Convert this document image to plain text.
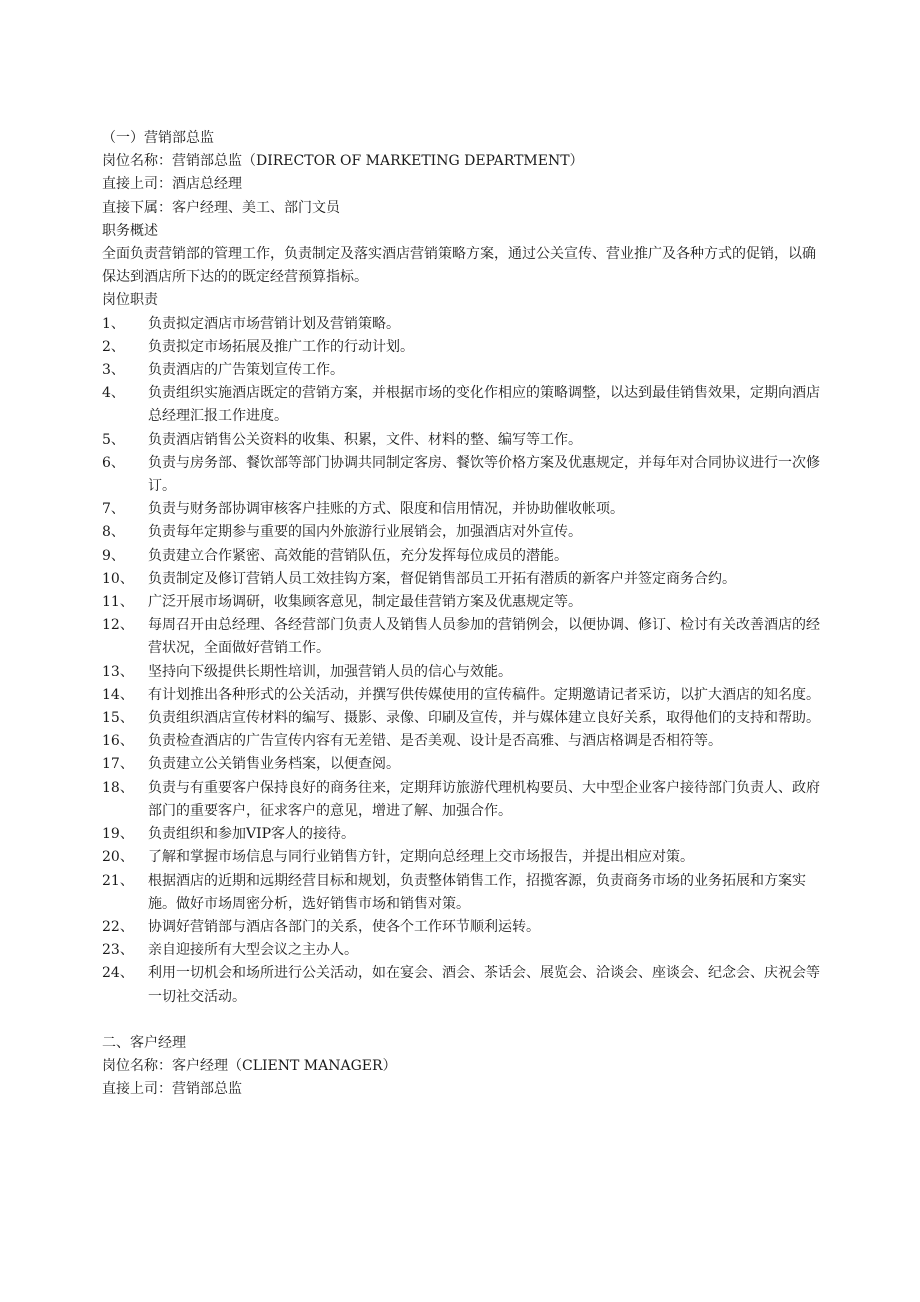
（一）营销部总监

岗位名称：营销部总监（DIRECTOR OF MARKETING DEPARTMENT）

直接上司：酒店总经理

直接下属：客户经理、美工、部门文员

职务概述

全面负责营销部的管理工作，负责制定及落实酒店营销策略方案，通过公关宣传、营业推广及各种方式的促销，以确保达到酒店所下达的的既定经营预算指标。

岗位职责

1、	负责拟定酒店市场营销计划及营销策略。
2、	负责拟定市场拓展及推广工作的行动计划。
3、	负责酒店的广告策划宣传工作。
4、	负责组织实施酒店既定的营销方案，并根据市场的变化作相应的策略调整，以达到最佳销售效果，定期向酒店总经理汇报工作进度。
5、	负责酒店销售公关资料的收集、积累，文件、材料的整、编写等工作。
6、	负责与房务部、餐饮部等部门协调共同制定客房、餐饮等价格方案及优惠规定，并每年对合同协议进行一次修订。
7、	负责与财务部协调审核客户挂账的方式、限度和信用情况，并协助催收帐项。
8、	负责每年定期参与重要的国内外旅游行业展销会，加强酒店对外宣传。
9、	负责建立合作紧密、高效能的营销队伍，充分发挥每位成员的潜能。
10、	负责制定及修订营销人员工效挂钩方案，督促销售部员工开拓有潜质的新客户并签定商务合约。
11、	广泛开展市场调研，收集顾客意见，制定最佳营销方案及优惠规定等。
12、	每周召开由总经理、各经营部门负责人及销售人员参加的营销例会，以便协调、修订、检讨有关改善酒店的经营状况，全面做好营销工作。
13、	坚持向下级提供长期性培训，加强营销人员的信心与效能。
14、	有计划推出各种形式的公关活动，并撰写供传媒使用的宣传稿件。定期邀请记者采访，以扩大酒店的知名度。
15、	负责组织酒店宣传材料的编写、摄影、录像、印刷及宣传，并与媒体建立良好关系，取得他们的支持和帮助。
16、	负责检查酒店的广告宣传内容有无差错、是否美观、设计是否高雅、与酒店格调是否相符等。
17、	负责建立公关销售业务档案，以便查阅。
18、	负责与有重要客户保持良好的商务往来，定期拜访旅游代理机构要员、大中型企业客户接待部门负责人、政府部门的重要客户，征求客户的意见，增进了解、加强合作。
19、	负责组织和参加VIP客人的接待。
20、	了解和掌握市场信息与同行业销售方针，定期向总经理上交市场报告，并提出相应对策。
21、	根据酒店的近期和远期经营目标和规划，负责整体销售工作，招揽客源，负责商务市场的业务拓展和方案实施。做好市场周密分析，选好销售市场和销售对策。
22、	协调好营销部与酒店各部门的关系，使各个工作环节顺利运转。
23、	亲自迎接所有大型会议之主办人。
24、	利用一切机会和场所进行公关活动，如在宴会、酒会、茶话会、展览会、洽谈会、座谈会、纪念会、庆祝会等一切社交活动。

二、客户经理

岗位名称：客户经理（CLIENT MANAGER）

直接上司：营销部总监
